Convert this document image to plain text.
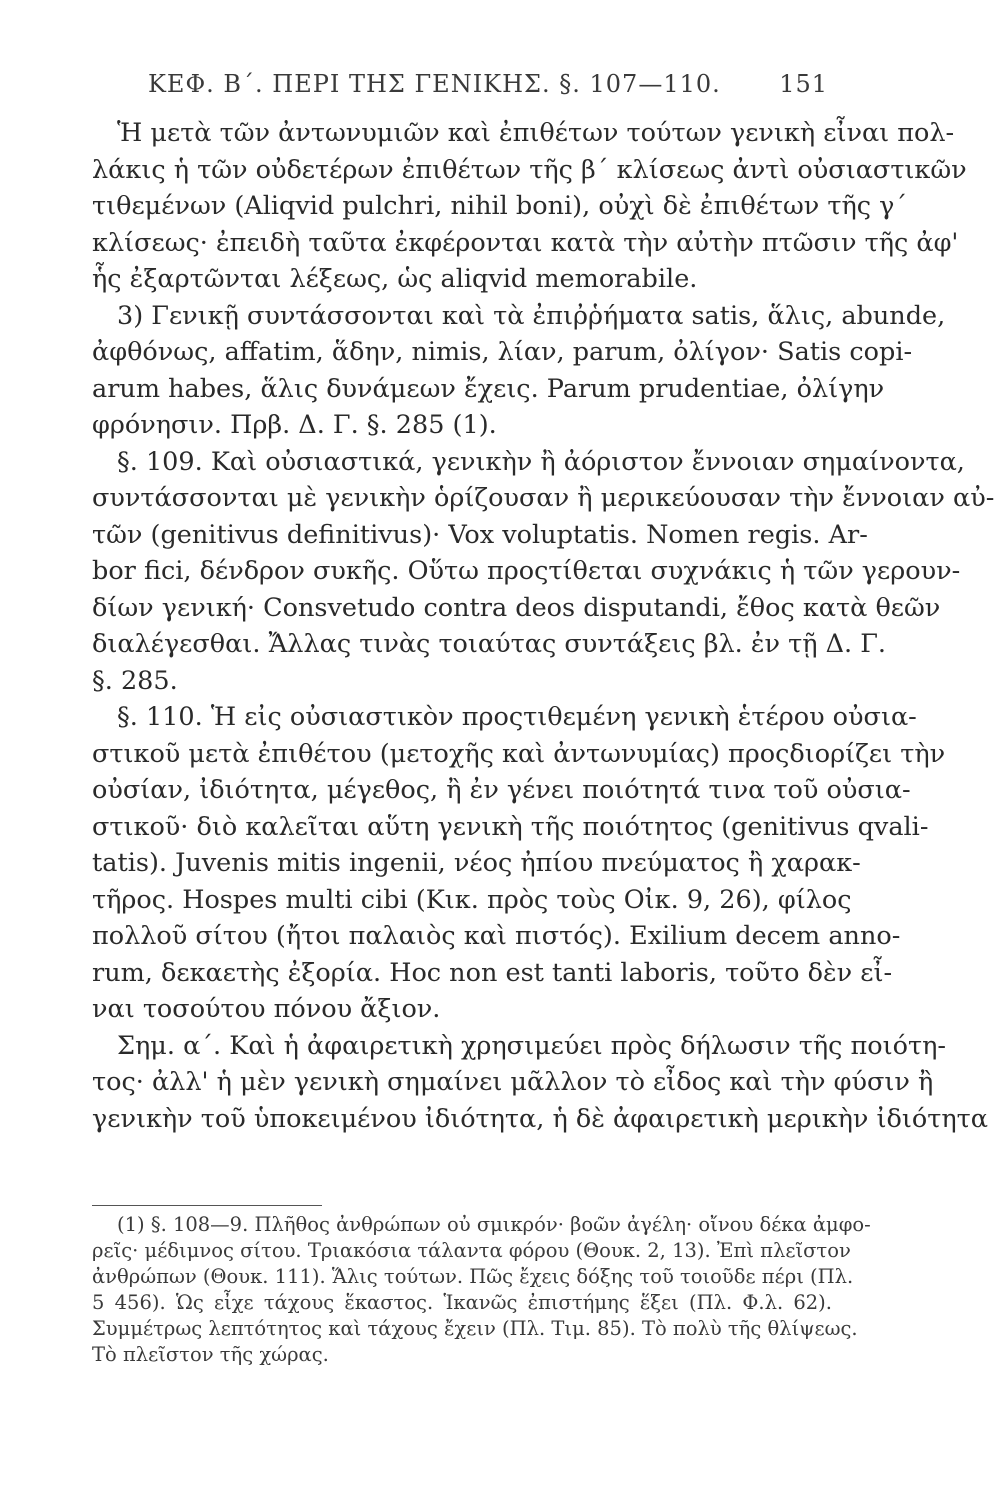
ΚΕΦ. Β΄. ΠΕΡΙ ΤΗΣ ΓΕΝΙΚΗΣ. §. 107—110. 151
Ἡ μετὰ τῶν ἀντωνυμιῶν καὶ ἐπιθέτων τούτων γενικὴ εἶναι πολ-
λάκις ἡ τῶν οὐδετέρων ἐπιθέτων τῆς β΄ κλίσεως ἀντὶ οὐσιαστικῶν
τιθεμένων (Aliqvid pulchri, nihil boni), οὐχὶ δὲ ἐπιθέτων τῆς γ΄
κλίσεως· ἐπειδὴ ταῦτα ἐκφέρονται κατὰ τὴν αὐτὴν πτῶσιν τῆς ἀφ'
ἧς ἐξαρτῶνται λέξεως, ὡς aliqvid memorabile.
3) Γενικῇ συντάσσονται καὶ τὰ ἐπιῤῥήματα satis, ἅλις, abunde,
ἀφθόνως, affatim, ἅδην, nimis, λίαν, parum, ὀλίγον· Satis copi-
arum habes, ἅλις δυνάμεων ἔχεις. Parum prudentiae, ὀλίγην
φρόνησιν. Πρβ. Δ. Γ. §. 285 (1).
§. 109. Καὶ οὐσιαστικά, γενικὴν ἢ ἀόριστον ἔννοιαν σημαίνοντα,
συντάσσονται μὲ γενικὴν ὁρίζουσαν ἢ μερικεύουσαν τὴν ἔννοιαν αὐ-
τῶν (genitivus definitivus)· Vox voluptatis. Nomen regis. Ar-
bor fici, δένδρον συκῆς. Οὕτω προςτίθεται συχνάκις ἡ τῶν γερουν-
δίων γενική· Consvetudo contra deos disputandi, ἔθος κατὰ θεῶν
διαλέγεσθαι. Ἄλλας τινὰς τοιαύτας συντάξεις βλ. ἐν τῇ Δ. Γ.
§. 285.
§. 110. Ἡ εἰς οὐσιαστικὸν προςτιθεμένη γενικὴ ἑτέρου οὐσια-
στικοῦ μετὰ ἐπιθέτου (μετοχῆς καὶ ἀντωνυμίας) προςδιορίζει τὴν
οὐσίαν, ἰδιότητα, μέγεθος, ἢ ἐν γένει ποιότητά τινα τοῦ οὐσια-
στικοῦ· διὸ καλεῖται αὕτη γενικὴ τῆς ποιότητος (genitivus qvali-
tatis). Juvenis mitis ingenii, νέος ἠπίου πνεύματος ἢ χαρακ-
τῆρος. Hospes multi cibi (Κικ. πρὸς τοὺς Οἰκ. 9, 26), φίλος
πολλοῦ σίτου (ἤτοι παλαιὸς καὶ πιστός). Exilium decem anno-
rum, δεκαετὴς ἐξορία. Hoc non est tanti laboris, τοῦτο δὲν εἶ-
ναι τοσούτου πόνου ἄξιον.
Σημ. α΄. Καὶ ἡ ἀφαιρετικὴ χρησιμεύει πρὸς δήλωσιν τῆς ποιότη-
τος· ἀλλ' ἡ μὲν γενικὴ σημαίνει μᾶλλον τὸ εἶδος καὶ τὴν φύσιν ἢ
γενικὴν τοῦ ὑποκειμένου ἰδιότητα, ἡ δὲ ἀφαιρετικὴ μερικὴν ἰδιότητα
(1) §. 108—9. Πλῆθος ἀνθρώπων οὐ σμικρόν· βοῶν ἀγέλη· οἴνου δέκα ἀμφο-
ρεῖς· μέδιμνος σίτου. Τριακόσια τάλαντα φόρου (Θουκ. 2, 13). Ἐπὶ πλεῖστον
ἀνθρώπων (Θουκ. 111). Ἅλις τούτων. Πῶς ἔχεις δόξης τοῦ τοιοῦδε πέρι (Πλ.
5 456). Ὡς εἶχε τάχους ἕκαστος. Ἱκανῶς ἐπιστήμης ἕξει (Πλ. Φ.λ. 62).
Συμμέτρως λεπτότητος καὶ τάχους ἔχειν (Πλ. Τιμ. 85). Τὸ πολὺ τῆς θλίψεως.
Τὸ πλεῖστον τῆς χώρας.
